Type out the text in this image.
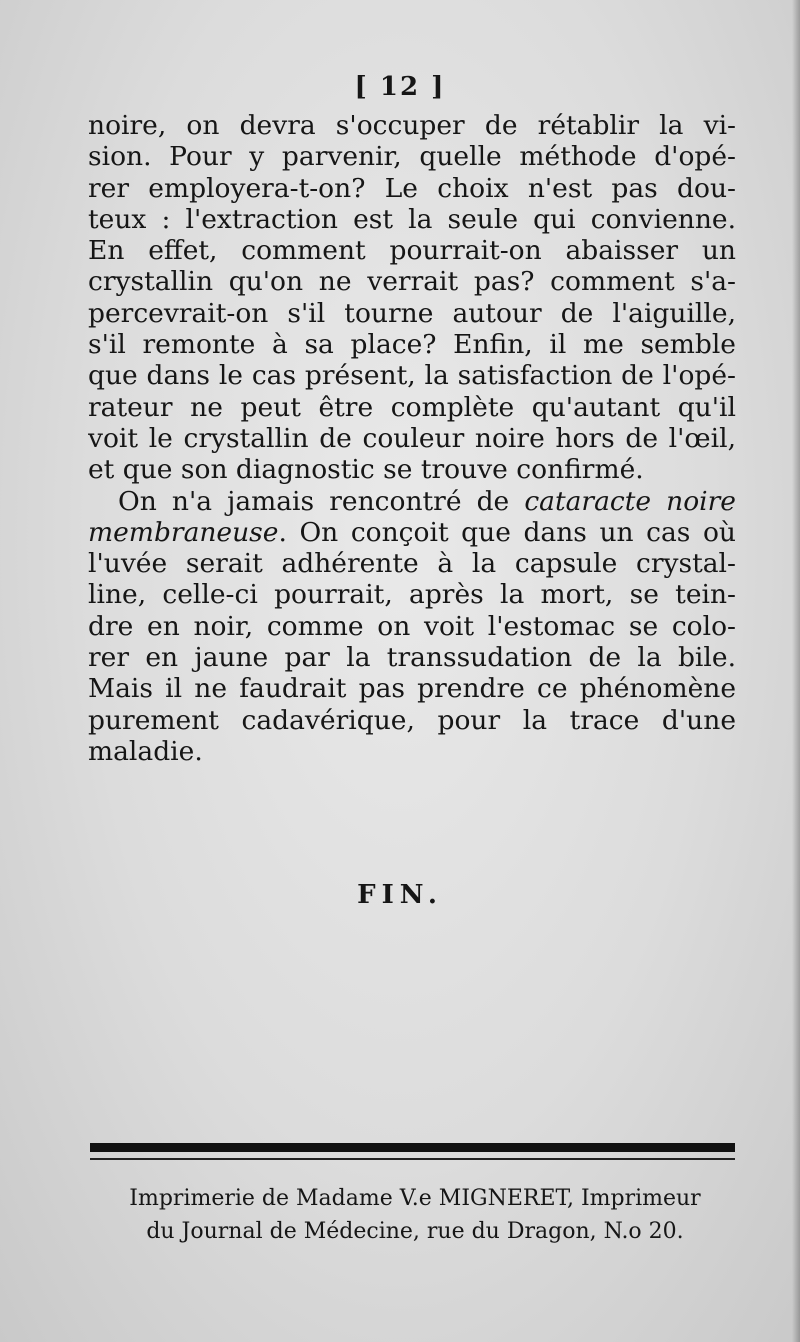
[ 12 ]
noire, on devra s'occuper de rétablir la vi-
sion. Pour y parvenir, quelle méthode d'opé-
rer employera-t-on? Le choix n'est pas dou-
teux : l'extraction est la seule qui convienne.
En effet, comment pourrait-on abaisser un
crystallin qu'on ne verrait pas? comment s'a-
percevrait-on s'il tourne autour de l'aiguille,
s'il remonte à sa place? Enfin, il me semble
que dans le cas présent, la satisfaction de l'opé-
rateur ne peut être complète qu'autant qu'il
voit le crystallin de couleur noire hors de l'œil,
et que son diagnostic se trouve confirmé.
On n'a jamais rencontré de cataracte noire
membraneuse. On conçoit que dans un cas où
l'uvée serait adhérente à la capsule crystal-
line, celle-ci pourrait, après la mort, se tein-
dre en noir, comme on voit l'estomac se colo-
rer en jaune par la transsudation de la bile.
Mais il ne faudrait pas prendre ce phénomène
purement cadavérique, pour la trace d'une
maladie.
FIN.
Imprimerie de Madame V.e MIGNERET, Imprimeur
du Journal de Médecine, rue du Dragon, N.o 20.
